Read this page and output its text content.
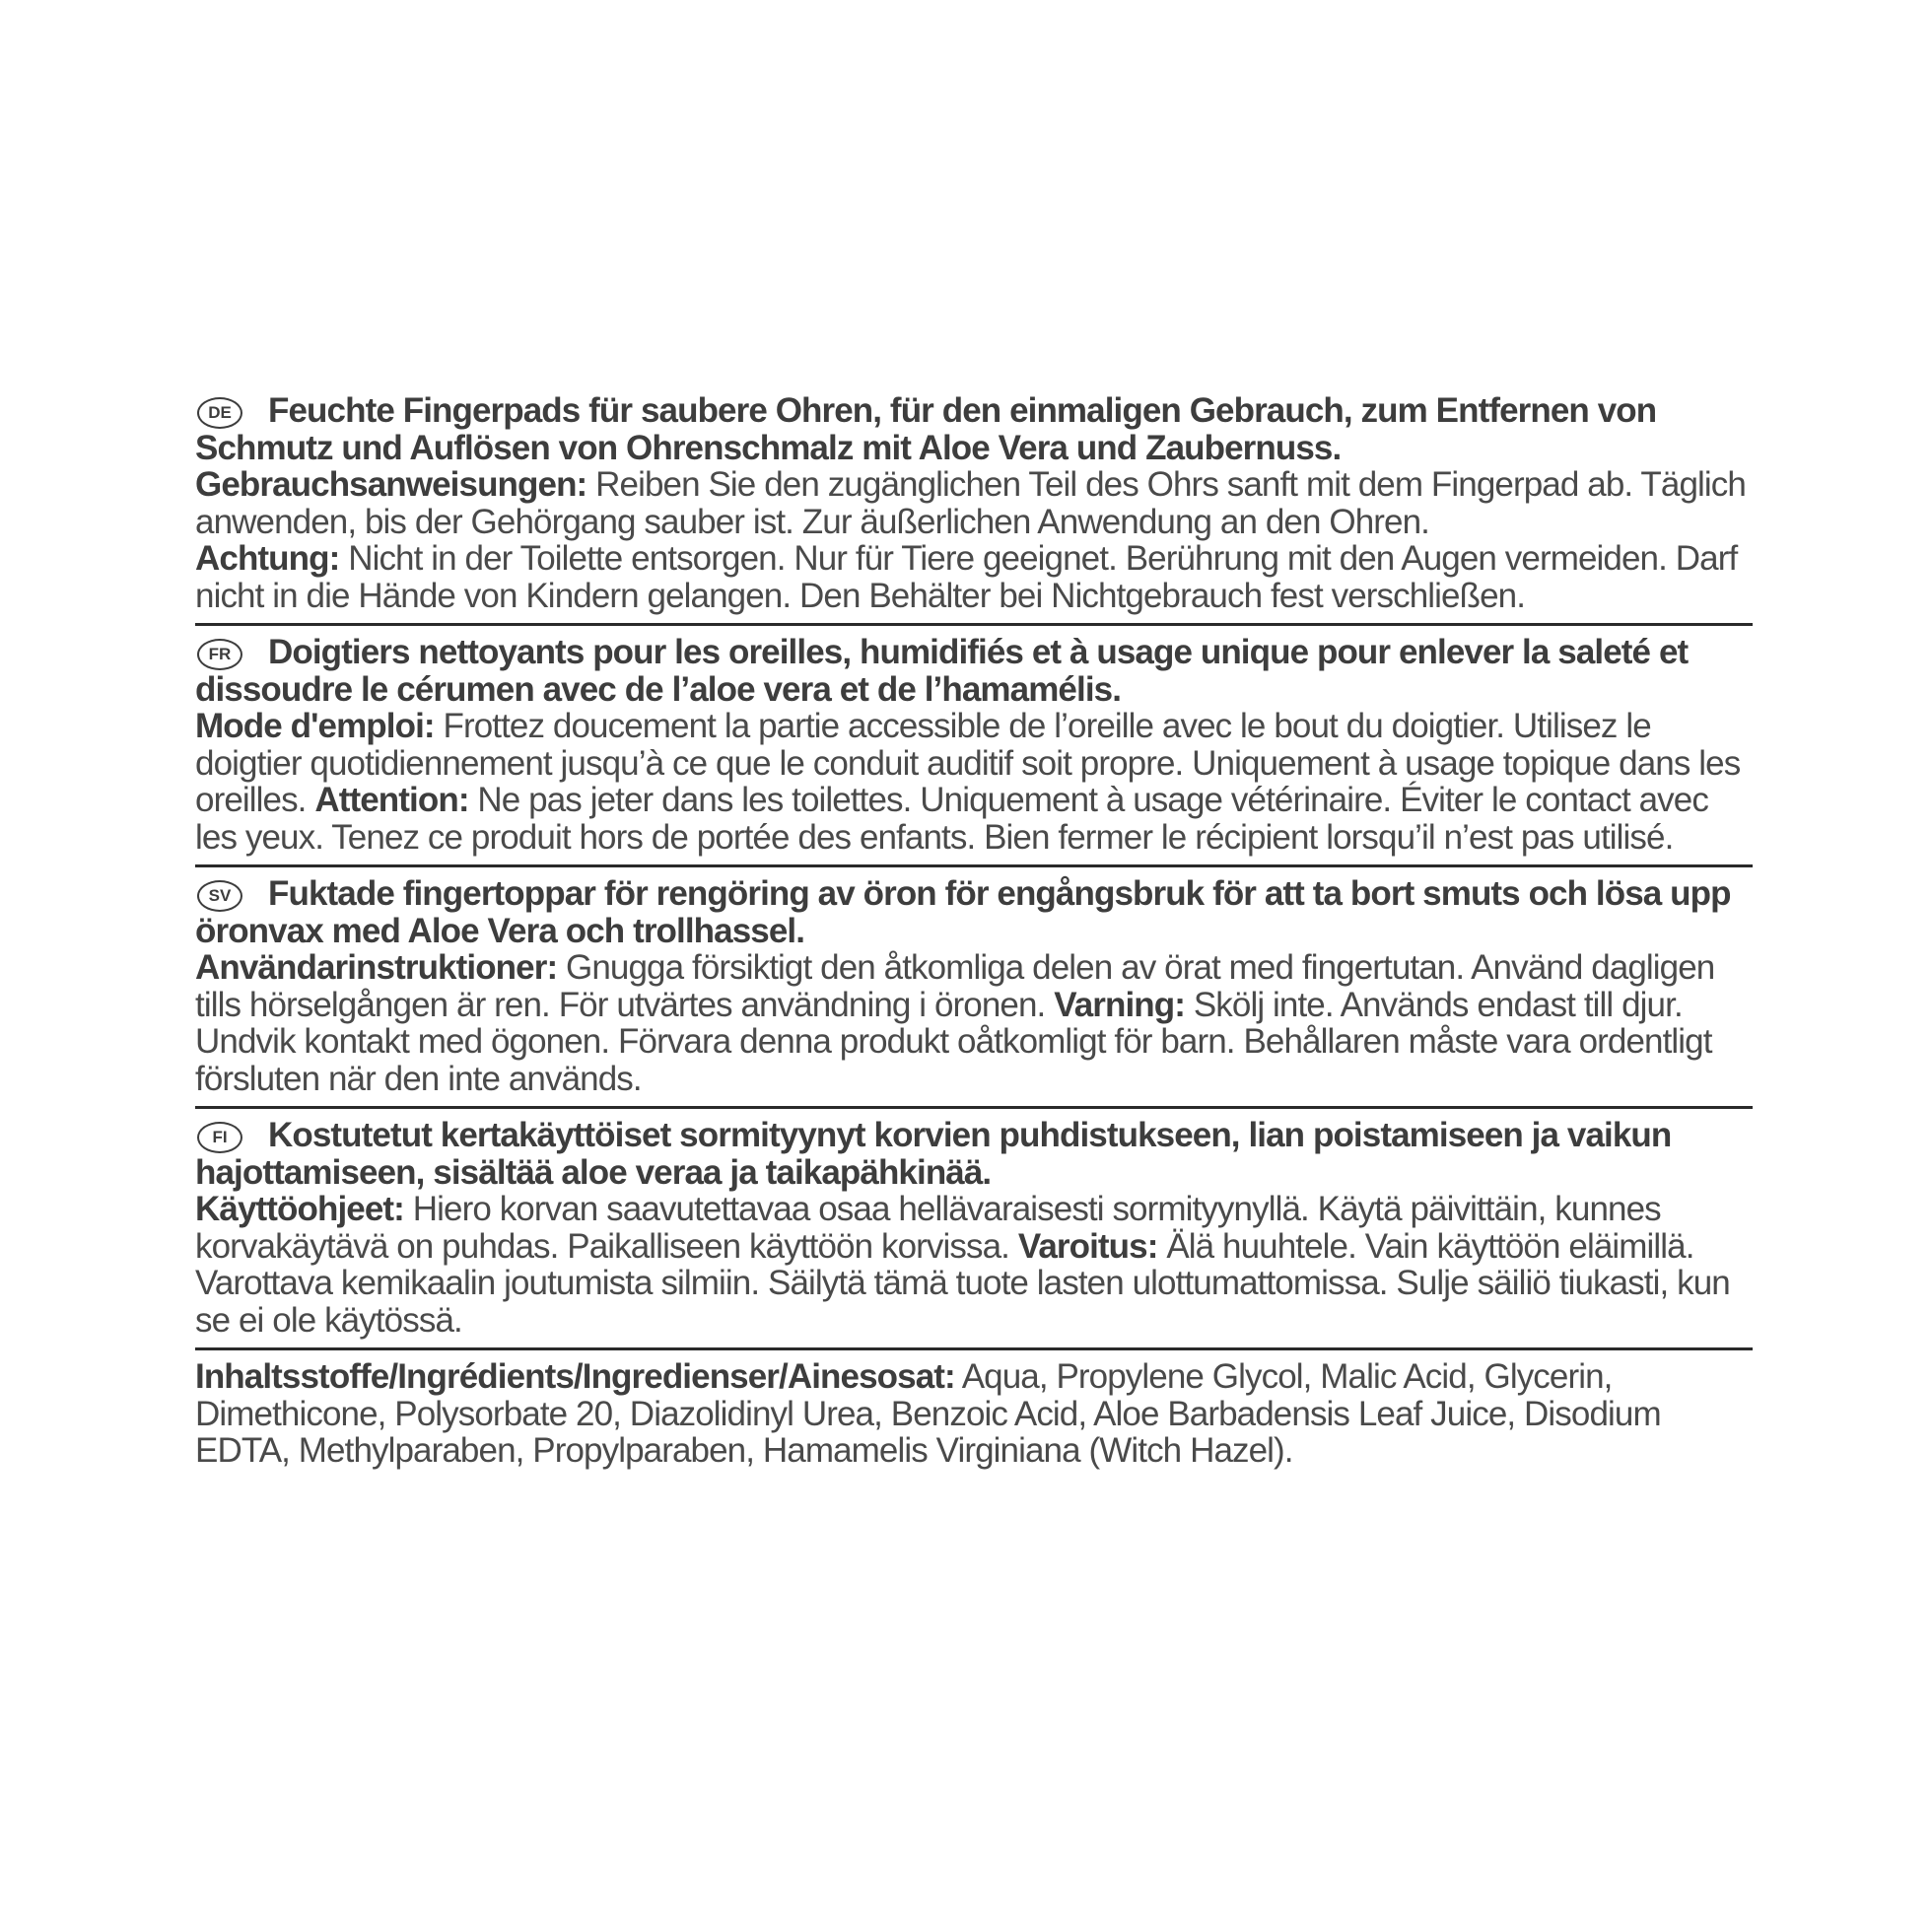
DE Feuchte Fingerpads für saubere Ohren, für den einmaligen Gebrauch, zum Entfernen von Schmutz und Auflösen von Ohrenschmalz mit Aloe Vera und Zaubernuss.
Gebrauchsanweisungen: Reiben Sie den zugänglichen Teil des Ohrs sanft mit dem Fingerpad ab. Täglich anwenden, bis der Gehörgang sauber ist. Zur äußerlichen Anwendung an den Ohren.
Achtung: Nicht in der Toilette entsorgen. Nur für Tiere geeignet. Berührung mit den Augen vermeiden. Darf nicht in die Hände von Kindern gelangen. Den Behälter bei Nichtgebrauch fest verschließen.
FR Doigtiers nettoyants pour les oreilles, humidifiés et à usage unique pour enlever la saleté et dissoudre le cérumen avec de l’aloe vera et de l’hamamélis.
Mode d'emploi: Frottez doucement la partie accessible de l’oreille avec le bout du doigtier. Utilisez le doigtier quotidiennement jusqu’à ce que le conduit auditif soit propre. Uniquement à usage topique dans les oreilles. Attention: Ne pas jeter dans les toilettes. Uniquement à usage vétérinaire. Éviter le contact avec les yeux. Tenez ce produit hors de portée des enfants. Bien fermer le récipient lorsqu’il n’est pas utilisé.
SV Fuktade fingertoppar för rengöring av öron för engångsbruk för att ta bort smuts och lösa upp öronvax med Aloe Vera och trollhassel.
Användarinstruktioner: Gnugga försiktigt den åtkomliga delen av örat med fingertutan. Använd dagligen tills hörselgången är ren. För utvärtes användning i öronen. Varning: Skölj inte. Används endast till djur. Undvik kontakt med ögonen. Förvara denna produkt oåtkomligt för barn. Behållaren måste vara ordentligt försluten när den inte används.
FI Kostutetut kertakäyttöiset sormityynyt korvien puhdistukseen, lian poistamiseen ja vaikun hajottamiseen, sisältää aloe veraa ja taikapähkinää.
Käyttöohjeet: Hiero korvan saavutettavaa osaa hellävaraisesti sormityynyllä. Käytä päivittäin, kunnes korvakäytävä on puhdas. Paikalliseen käyttöön korvissa. Varoitus: Älä huuhtele. Vain käyttöön eläimillä. Varottava kemikaalin joutumista silmiin. Säilytä tämä tuote lasten ulottumattomissa. Sulje säiliö tiukasti, kun se ei ole käytössä.
Inhaltsstoffe/Ingrédients/Ingredienser/Ainesosat: Aqua, Propylene Glycol, Malic Acid, Glycerin, Dimethicone, Polysorbate 20, Diazolidinyl Urea, Benzoic Acid, Aloe Barbadensis Leaf Juice, Disodium EDTA, Methylparaben, Propylparaben, Hamamelis Virginiana (Witch Hazel).
